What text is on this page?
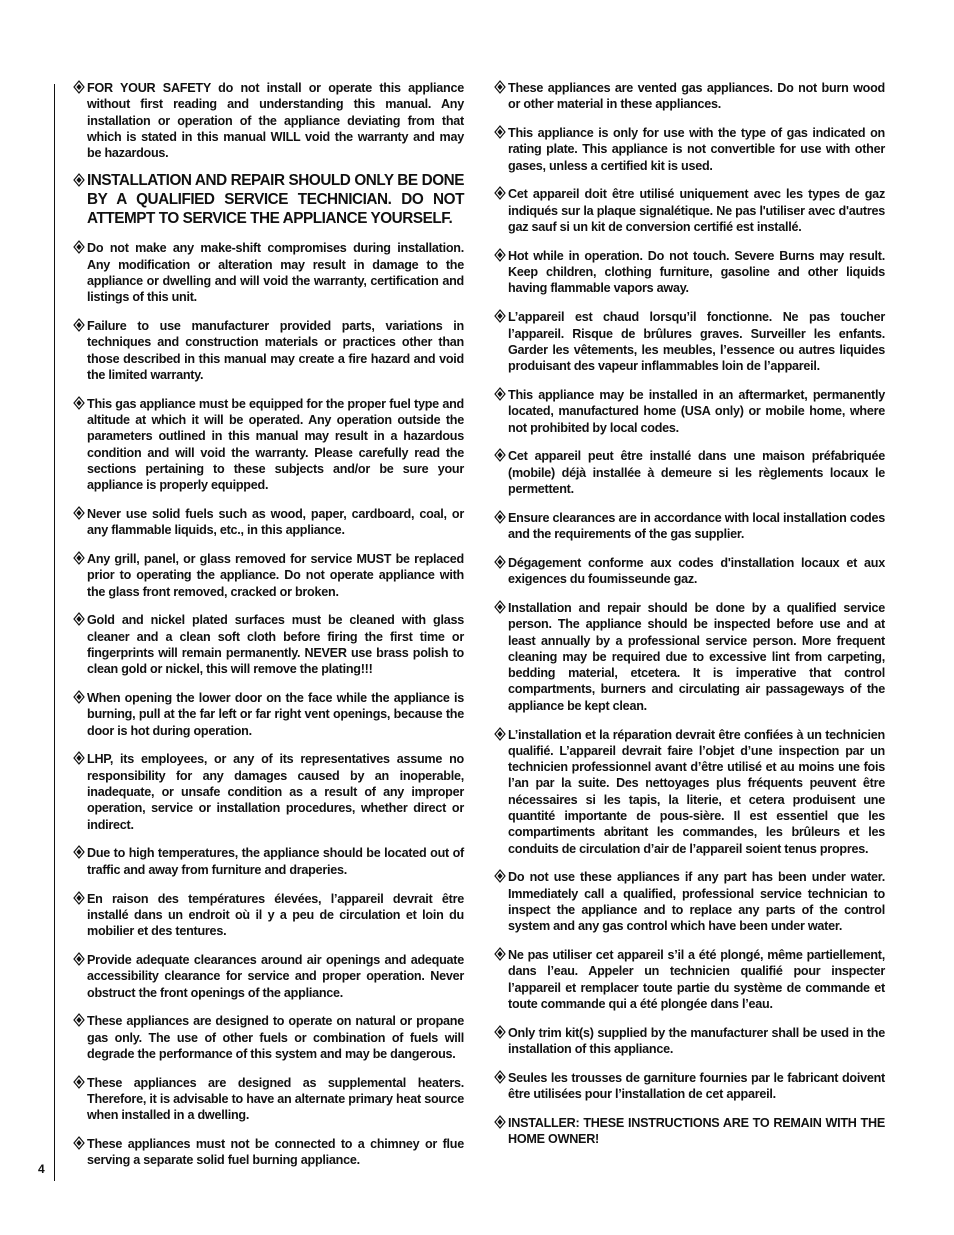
4
FOR YOUR SAFETY do not install or operate this appliance without first reading and understanding this manual. Any installation or operation of the appliance deviating from that which is stated in this manual WILL void the warranty and may be hazardous.
INSTALLATION AND REPAIR SHOULD ONLY BE DONE BY A QUALIFIED SERVICE TECHNICIAN. DO NOT ATTEMPT TO SERVICE THE APPLIANCE YOURSELF.
Do not make any make-shift compromises during installation. Any modification or alteration may result in damage to the appliance or dwelling and will void the warranty, certification and listings of this unit.
Failure to use manufacturer provided parts, variations in techniques and construction materials or practices other than those described in this manual may create a fire hazard and void the limited warranty.
This gas appliance must be equipped for the proper fuel type and altitude at which it will be operated. Any operation outside the parameters outlined in this manual may result in a hazardous condition and will void the warranty. Please carefully read the sections pertaining to these subjects and/or be sure your appliance is properly equipped.
Never use solid fuels such as wood, paper, cardboard, coal, or any flammable liquids, etc., in this appliance.
Any grill, panel, or glass removed for service MUST be replaced prior to operating the appliance. Do not operate appliance with the glass front removed, cracked or broken.
Gold and nickel plated surfaces must be cleaned with glass cleaner and a clean soft cloth before firing the first time or fingerprints will remain permanently. NEVER use brass polish to clean gold or nickel, this will remove the plating!!!
When opening the lower door on the face while the appliance is burning, pull at the far left or far right vent openings, because the door is hot during operation.
LHP, its employees, or any of its representatives assume no responsibility for any damages caused by an inoperable, inadequate, or unsafe condition as a result of any improper operation, service or installation procedures, whether direct or indirect.
Due to high temperatures, the appliance should be located out of traffic and away from furniture and draperies.
En raison des températures élevées, l’appareil devrait être installé dans un endroit où il y a peu de circulation et loin du mobilier et des tentures.
Provide adequate clearances around air openings and adequate accessibility clearance for service and proper operation. Never obstruct the front openings of the appliance.
These appliances are designed to operate on natural or propane gas only. The use of other fuels or combination of fuels will degrade the performance of this system and may be dangerous.
These appliances are designed as supplemental heaters. Therefore, it is advisable to have an alternate primary heat source when installed in a dwelling.
These appliances must not be connected to a chimney or flue serving a separate solid fuel burning appliance.
These appliances are vented gas appliances. Do not burn wood or other material in these appliances.
This appliance is only for use with the type of gas indicated on rating plate. This appliance is not convertible for use with other gases, unless a certified kit is used.
Cet appareil doit être utilisé uniquement avec les types de gaz indiqués sur la plaque signalétique. Ne pas l'utiliser avec d'autres gaz sauf si un kit de conversion certifié est installé.
Hot while in operation. Do not touch. Severe Burns may result. Keep children, clothing furniture, gasoline and other liquids having flammable vapors away.
L’appareil est chaud lorsqu’il fonctionne. Ne pas toucher l’appareil. Risque de brûlures graves. Surveiller les enfants. Garder les vêtements, les meubles, l’essence ou autres liquides produisant des vapeur inflammables loin de l’appareil.
This appliance may be installed in an aftermarket, permanently located, manufactured home (USA only) or mobile home, where not prohibited by local codes.
Cet appareil peut être installé dans une maison préfabriquée (mobile) déjà installée à demeure si les règlements locaux le permettent.
Ensure clearances are in accordance with local installation codes and the requirements of the gas supplier.
Dégagement conforme aux codes d'installation locaux et aux exigences du foumisseunde gaz.
Installation and repair should be done by a qualified service person. The appliance should be inspected before use and at least annually by a professional service person. More frequent cleaning may be required due to excessive lint from carpeting, bedding material, etcetera. It is imperative that control compartments, burners and circulating air passageways of the appliance be kept clean.
L’installation et la réparation devrait être confiées à un technicien qualifié. L’appareil devrait faire l’objet d’une inspection par un technicien professionnel avant d’être utilisé et au moins une fois l’an par la suite. Des nettoyages plus fréquents peuvent être nécessaires si les tapis, la literie, et cetera produisent une quantité importante de pous-sière. Il est essentiel que les compartiments abritant les commandes, les brûleurs et les conduits de circulation d’air de l’appareil soient tenus propres.
Do not use these appliances if any part has been under water. Immediately call a qualified, professional service technician to inspect the appliance and to replace any parts of the control system and any gas control which have been under water.
Ne pas utiliser cet appareil s’il a été plongé, même partiellement, dans l’eau. Appeler un technicien qualifié pour inspecter l’appareil et remplacer toute partie du système de commande et toute commande qui a été plongée dans l’eau.
Only trim kit(s) supplied by the manufacturer shall be used in the installation of this appliance.
Seules les trousses de garniture fournies par le fabricant doivent être utilisées pour l’installation de cet appareil.
INSTALLER: THESE INSTRUCTIONS ARE TO REMAIN WITH THE HOME OWNER!
